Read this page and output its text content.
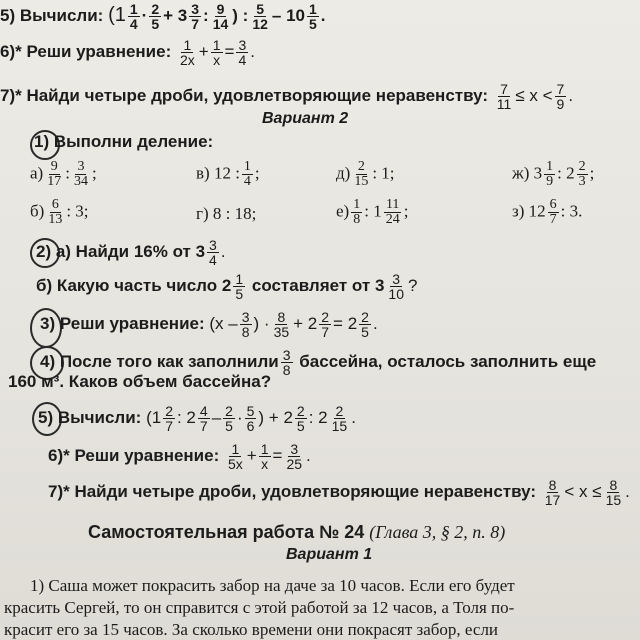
5) Вычисли: ($1 \frac{1}{4} \cdot \frac{2}{5} + 3 \frac{3}{7}$ : $\frac{9}{14}$ ) : $\frac{5}{12} - 10 \frac{1}{5}$ .
6)* Реши уравнение: $\frac{1}{2x} + \frac{1}{x} = \frac{3}{4}$ .
7)* Найди четыре дроби, удовлетворяющие неравенству: $\frac{7}{11} \le x < \frac{7}{9}$ .
Вариант 2
1) Выполни деление:
$а) \frac{9}{17}$ : $\frac{3}{34}$ ;	в) 12 : $\frac{1}{4}$ ;	$д) \frac{2}{15}$ : 1;	ж) $3 \frac{1}{9}$ : $2 \frac{2}{3}$ ;
$б) \frac{6}{13}$ : 3;	г) 8 : 18;	$е) \frac{1}{8}$ : $1 \frac{11}{24}$ ;	з) $12 \frac{6}{7}$ : 3.
2) а) Найди 16% от $3 \frac{3}{4}$ .
б) Какую часть число $2 \frac{1}{5}$ составляет от $3 \frac{3}{10}$ ?
3) Реши уравнение: ($x - \frac{3}{8}$ ) · $\frac{8}{35} + 2 \frac{2}{7} = 2 \frac{2}{5}$ .
4) После того как заполнили $\frac{3}{8}$ бассейна, осталось заполнить еще
160 м³. Каков объем бассейна?
5) Вычисли: ($1 \frac{2}{7}$ : $2 \frac{4}{7} - \frac{2}{5} \cdot \frac{5}{6}$ ) + $2 \frac{2}{5}$ : $2 \frac{2}{15}$ .
6)* Реши уравнение: $\frac{1}{5x} + \frac{1}{x} = \frac{3}{25}$ .
7)* Найди четыре дроби, удовлетворяющие неравенству: $\frac{8}{17} < x \le \frac{8}{15}$ .
Самостоятельная работа № 24 (Глава 3, § 2, п. 8)
Вариант 1
1) Саша может покрасить забор на даче за 10 часов. Если его будет
красить Сергей, то он справится с этой работой за 12 часов, а Толя по-
красит его за 15 часов. За сколько времени они покрасят забор, если
